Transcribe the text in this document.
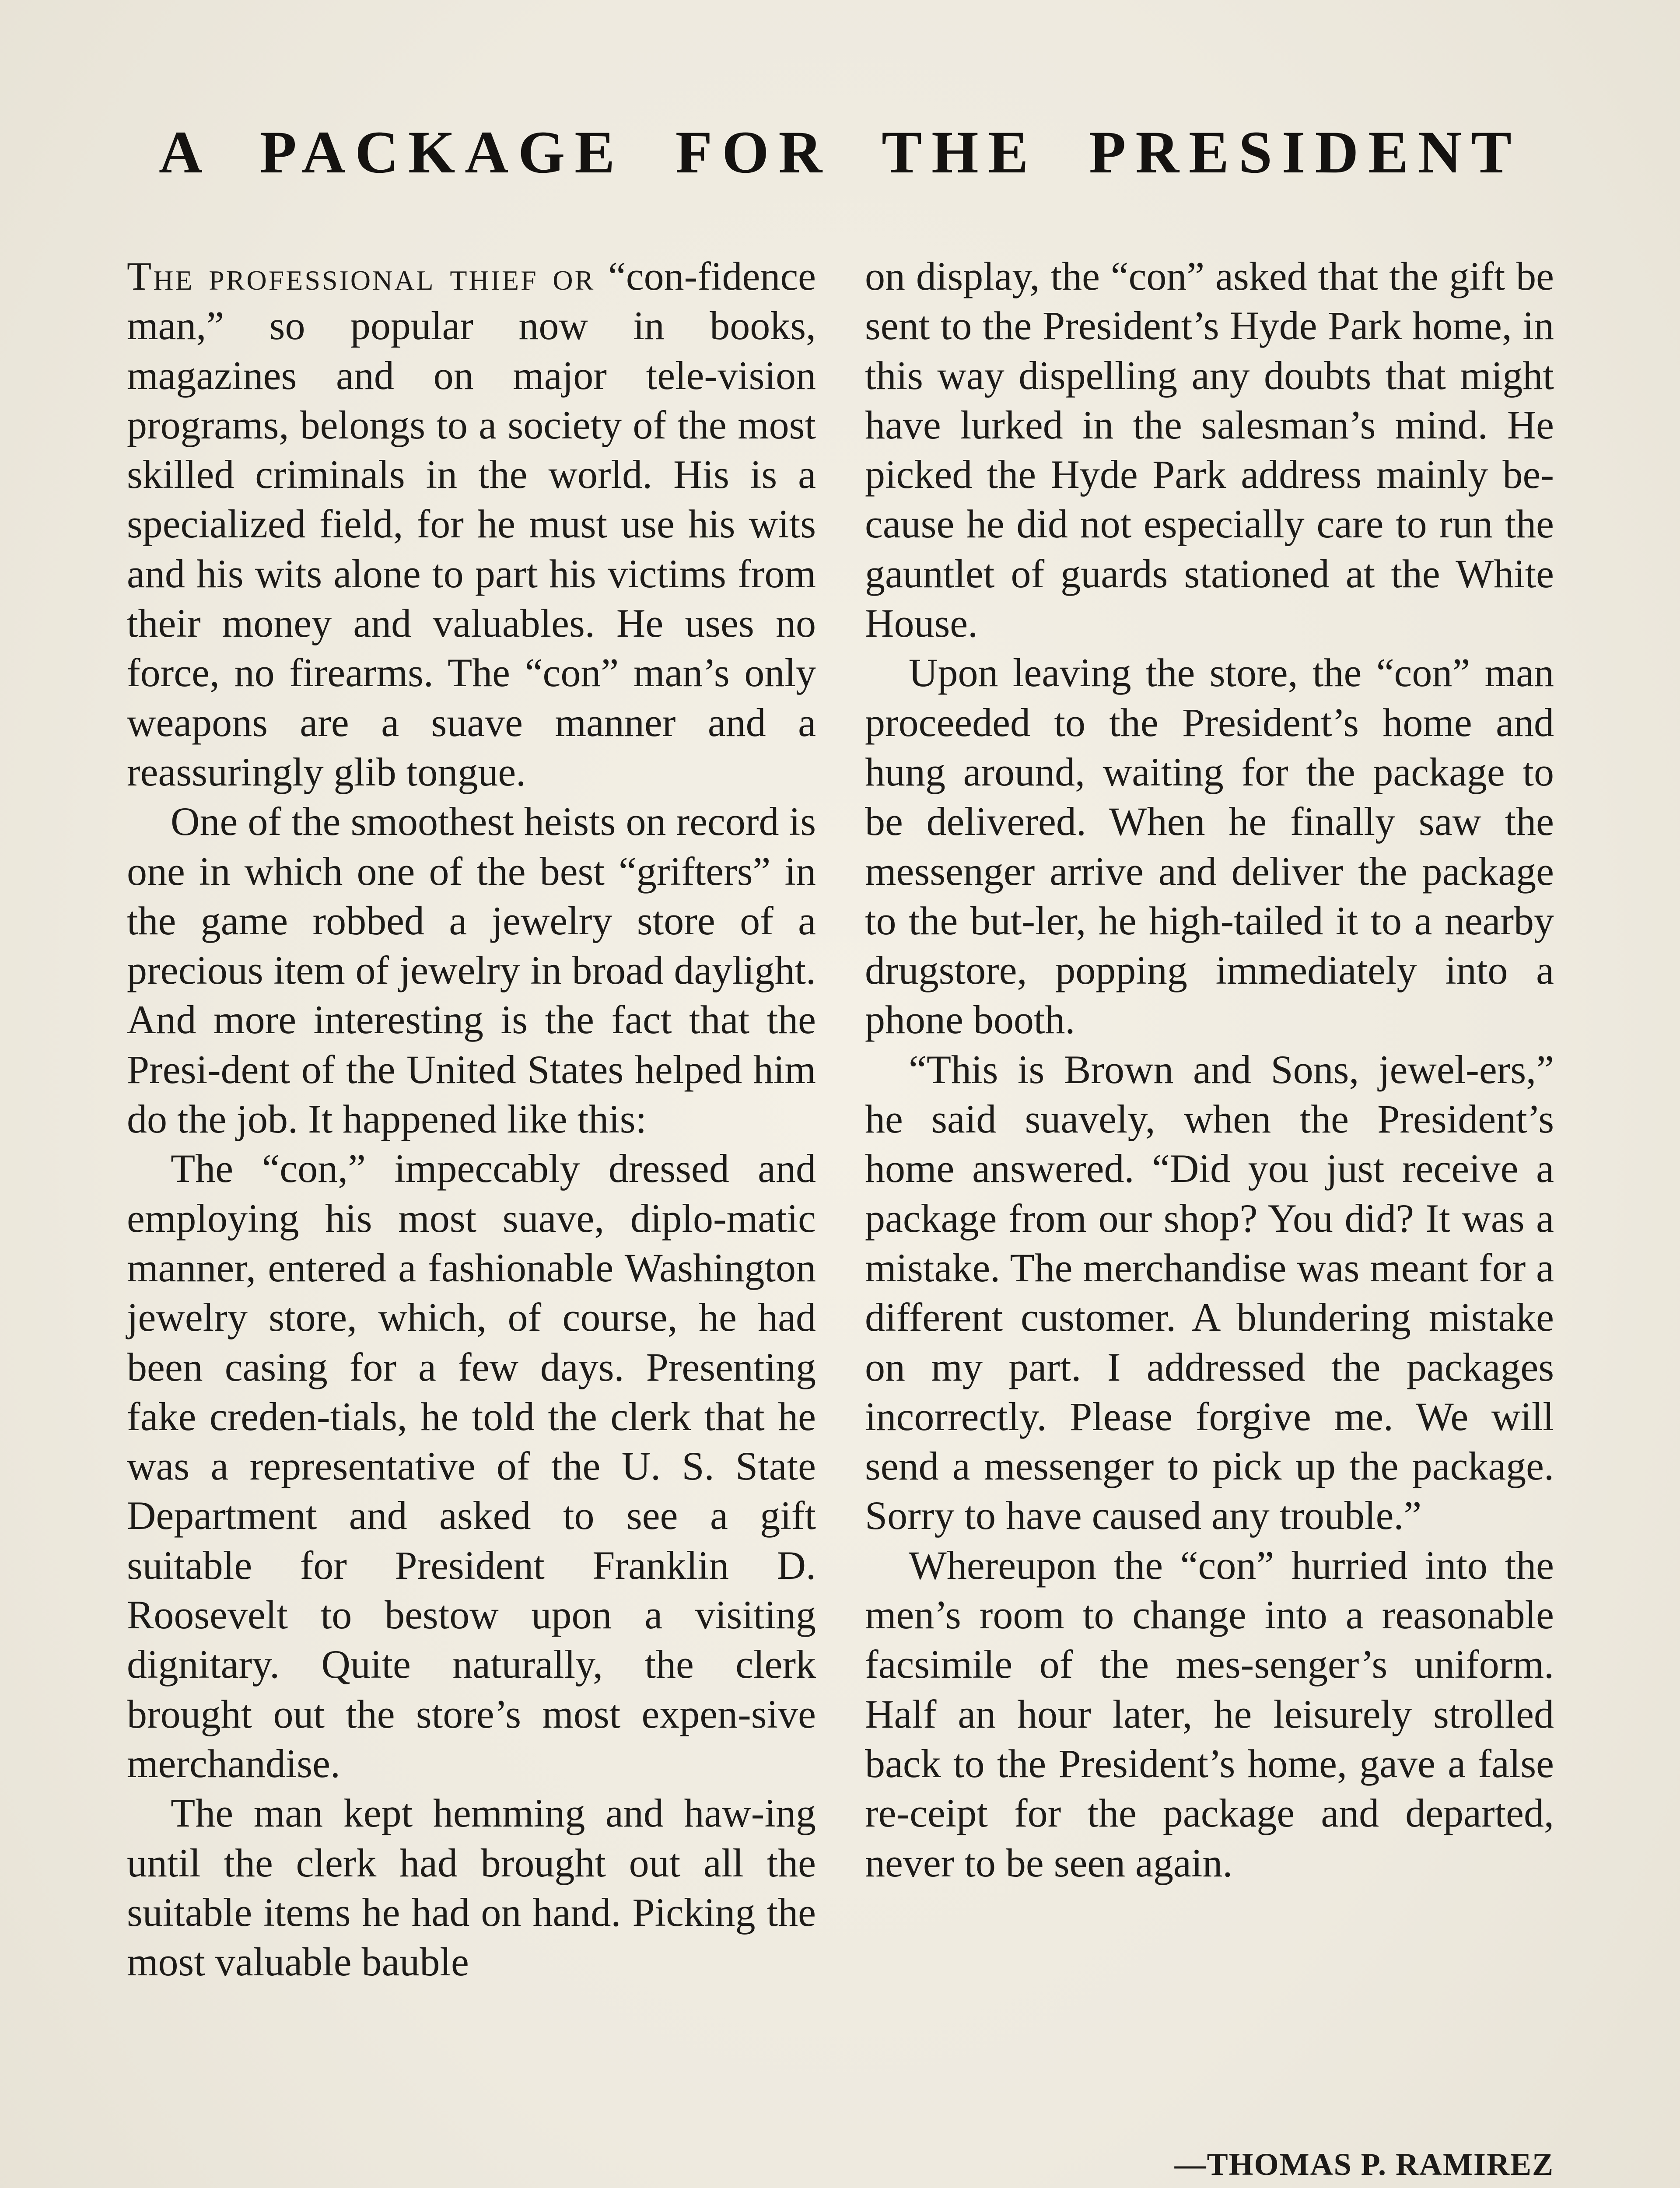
A PACKAGE FOR THE PRESIDENT

The professional thief or “con-fidence man,” so popular now in books, magazines and on major tele-vision programs, belongs to a society of the most skilled criminals in the world. His is a specialized field, for he must use his wits and his wits alone to part his victims from their money and valuables. He uses no force, no firearms. The “con” man’s only weapons are a suave manner and a reassuringly glib tongue.

One of the smoothest heists on record is one in which one of the best “grifters” in the game robbed a jewelry store of a precious item of jewelry in broad daylight. And more interesting is the fact that the Presi-dent of the United States helped him do the job. It happened like this:

The “con,” impeccably dressed and employing his most suave, diplo-matic manner, entered a fashionable Washington jewelry store, which, of course, he had been casing for a few days. Presenting fake creden-tials, he told the clerk that he was a representative of the U. S. State Department and asked to see a gift suitable for President Franklin D. Roosevelt to bestow upon a visiting dignitary. Quite naturally, the clerk brought out the store’s most expen-sive merchandise.

The man kept hemming and haw-ing until the clerk had brought out all the suitable items he had on hand. Picking the most valuable bauble

on display, the “con” asked that the gift be sent to the President’s Hyde Park home, in this way dispelling any doubts that might have lurked in the salesman’s mind. He picked the Hyde Park address mainly be-cause he did not especially care to run the gauntlet of guards stationed at the White House.

Upon leaving the store, the “con” man proceeded to the President’s home and hung around, waiting for the package to be delivered. When he finally saw the messenger arrive and deliver the package to the but-ler, he high-tailed it to a nearby drugstore, popping immediately into a phone booth.

“This is Brown and Sons, jewel-ers,” he said suavely, when the President’s home answered. “Did you just receive a package from our shop? You did? It was a mistake. The merchandise was meant for a different customer. A blundering mistake on my part. I addressed the packages incorrectly. Please forgive me. We will send a messenger to pick up the package. Sorry to have caused any trouble.”

Whereupon the “con” hurried into the men’s room to change into a reasonable facsimile of the mes-senger’s uniform. Half an hour later, he leisurely strolled back to the President’s home, gave a false re-ceipt for the package and departed, never to be seen again.

—THOMAS P. RAMIREZ
